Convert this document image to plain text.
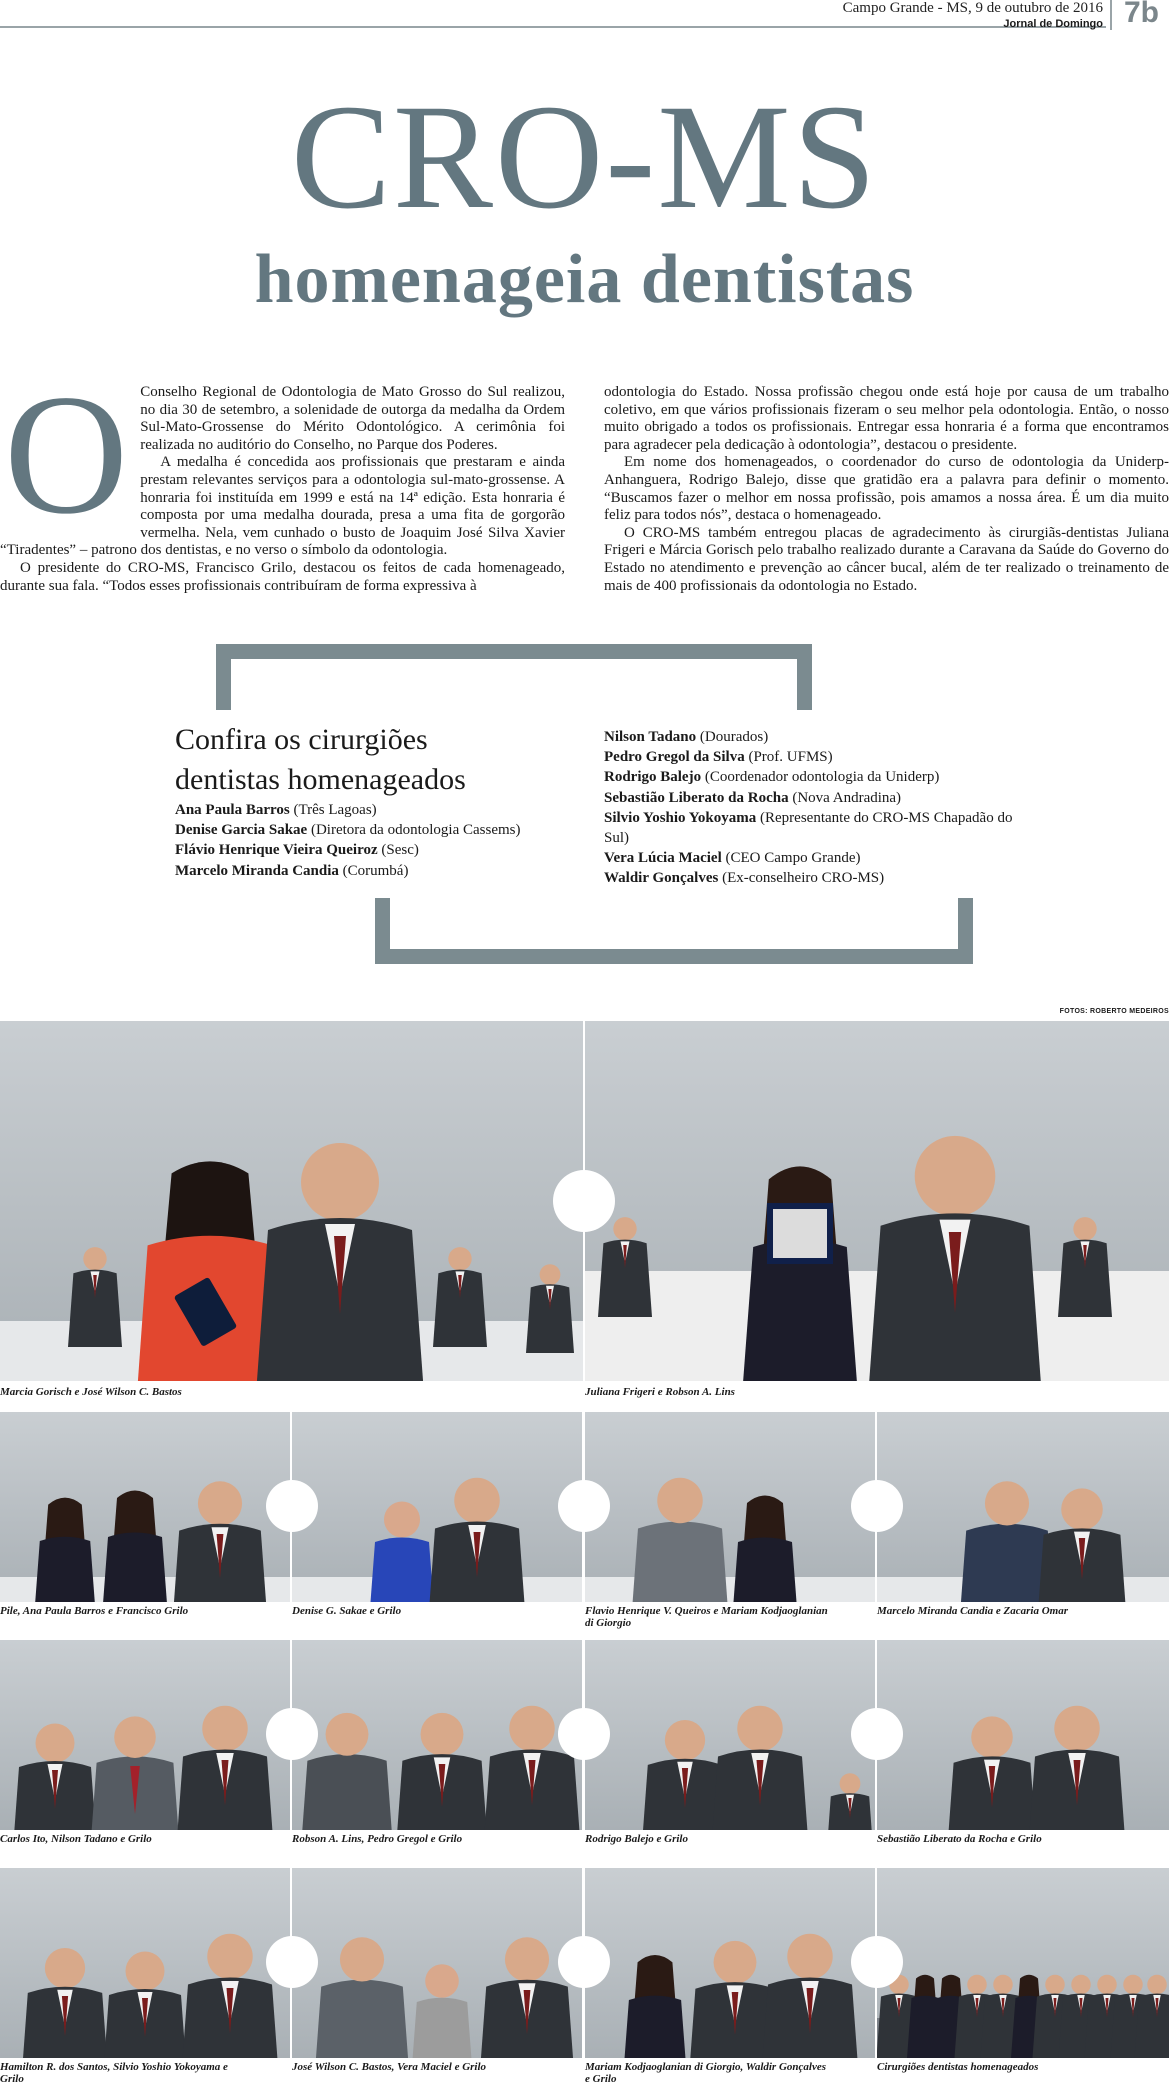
Campo Grande - MS, 9 de outubro de 2016
Jornal de Domingo 7b
CRO-MS
homenageia dentistas
O Conselho Regional de Odontologia de Mato Grosso do Sul realizou, no dia 30 de setembro, a solenidade de outorga da medalha da Ordem Sul-Mato-Grossense do Mérito Odontológico. A cerimônia foi realizada no auditório do Conselho, no Parque dos Poderes.

A medalha é concedida aos profissionais que prestaram e ainda prestam relevantes serviços para a odontologia sul-mato-grossense. A honraria foi instituída em 1999 e está na 14ª edição. Esta honraria é composta por uma medalha dourada, presa a uma fita de gorgorão vermelha. Nela, vem cunhado o busto de Joaquim José Silva Xavier “Tiradentes” – patrono dos dentistas, e no verso o símbolo da odontologia.

O presidente do CRO-MS, Francisco Grilo, destacou os feitos de cada homenageado, durante sua fala. “Todos esses profissionais contribuíram de forma expressiva à

odontologia do Estado. Nossa profissão chegou onde está hoje por causa de um trabalho coletivo, em que vários profissionais fizeram o seu melhor pela odontologia. Então, o nosso muito obrigado a todos os profissionais. Entregar essa honraria é a forma que encontramos para agradecer pela dedicação à odontologia”, destacou o presidente.

Em nome dos homenageados, o coordenador do curso de odontologia da Uniderp-Anhanguera, Rodrigo Balejo, disse que gratidão era a palavra para definir o momento. “Buscamos fazer o melhor em nossa profissão, pois amamos a nossa área. É um dia muito feliz para todos nós”, destaca o homenageado.

O CRO-MS também entregou placas de agradecimento às cirurgiãs-dentistas Juliana Frigeri e Márcia Gorisch pelo trabalho realizado durante a Caravana da Saúde do Governo do Estado no atendimento e prevenção ao câncer bucal, além de ter realizado o treinamento de mais de 400 profissionais da odontologia no Estado.

Confira os cirurgiões
dentistas homenageados
Ana Paula Barros (Três Lagoas)
Denise Garcia Sakae (Diretora da odontologia Cassems)
Flávio Henrique Vieira Queiroz (Sesc)
Marcelo Miranda Candia (Corumbá)
Nilson Tadano (Dourados)
Pedro Gregol da Silva (Prof. UFMS)
Rodrigo Balejo (Coordenador odontologia da Uniderp)
Sebastião Liberato da Rocha (Nova Andradina)
Silvio Yoshio Yokoyama (Representante do CRO-MS Chapadão do Sul)
Vera Lúcia Maciel (CEO Campo Grande)
Waldir Gonçalves (Ex-conselheiro CRO-MS)
FOTOS: ROBERTO MEDEIROS
Marcia Gorisch e José Wilson C. Bastos	Juliana Frigeri e Robson A. Lins
Pile, Ana Paula Barros e Francisco Grilo	Denise G. Sakae e Grilo	Flavio Henrique V. Queiros e Mariam Kodjaoglanian di Giorgio
Marcelo Miranda Candia e Zacaria Omar
Carlos Ito, Nilson Tadano e Grilo	Robson A. Lins, Pedro Gregol e Grilo	Rodrigo Balejo e Grilo	Sebastião Liberato da Rocha e Grilo
Hamilton R. dos Santos, Silvio Yoshio Yokoyama e Grilo
José Wilson C. Bastos, Vera Maciel e Grilo	Mariam Kodjaoglanian di Giorgio, Waldir Gonçalves e Grilo
Cirurgiões dentistas homenageados
